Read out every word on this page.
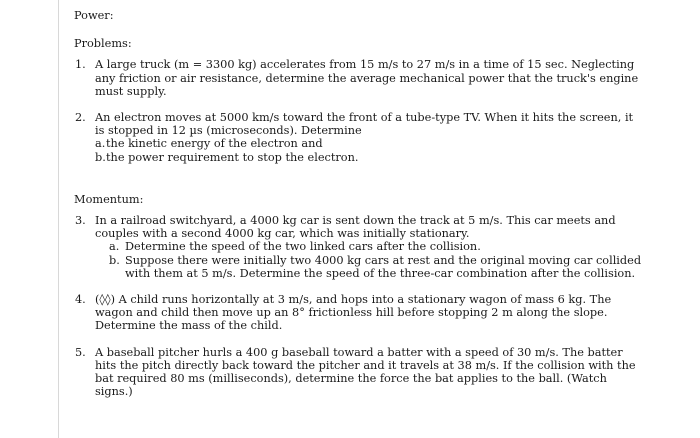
Power:

Problems:

1. A large truck (m = 3300 kg) accelerates from 15 m/s to 27 m/s in a time of 15 sec. Neglecting any friction or air resistance, determine the average mechanical power that the truck's engine must supply.
2. An electron moves at 5000 km/s toward the front of a tube-type TV. When it hits the screen, it is stopped in 12 µs (microseconds). Determine
a. the kinetic energy of the electron and
b. the power requirement to stop the electron.

Momentum:

3. In a railroad switchyard, a 4000 kg car is sent down the track at 5 m/s. This car meets and couples with a second 4000 kg car, which was initially stationary.
a. Determine the speed of the two linked cars after the collision.
b. Suppose there were initially two 4000 kg cars at rest and the original moving car collided with them at 5 m/s. Determine the speed of the three-car combination after the collision.
4. (◊◊) A child runs horizontally at 3 m/s, and hops into a stationary wagon of mass 6 kg. The wagon and child then move up an 8° frictionless hill before stopping 2 m along the slope. Determine the mass of the child.
5. A baseball pitcher hurls a 400 g baseball toward a batter with a speed of 30 m/s. The batter hits the pitch directly back toward the pitcher and it travels at 38 m/s. If the collision with the bat required 80 ms (milliseconds), determine the force the bat applies to the ball. (Watch signs.)
